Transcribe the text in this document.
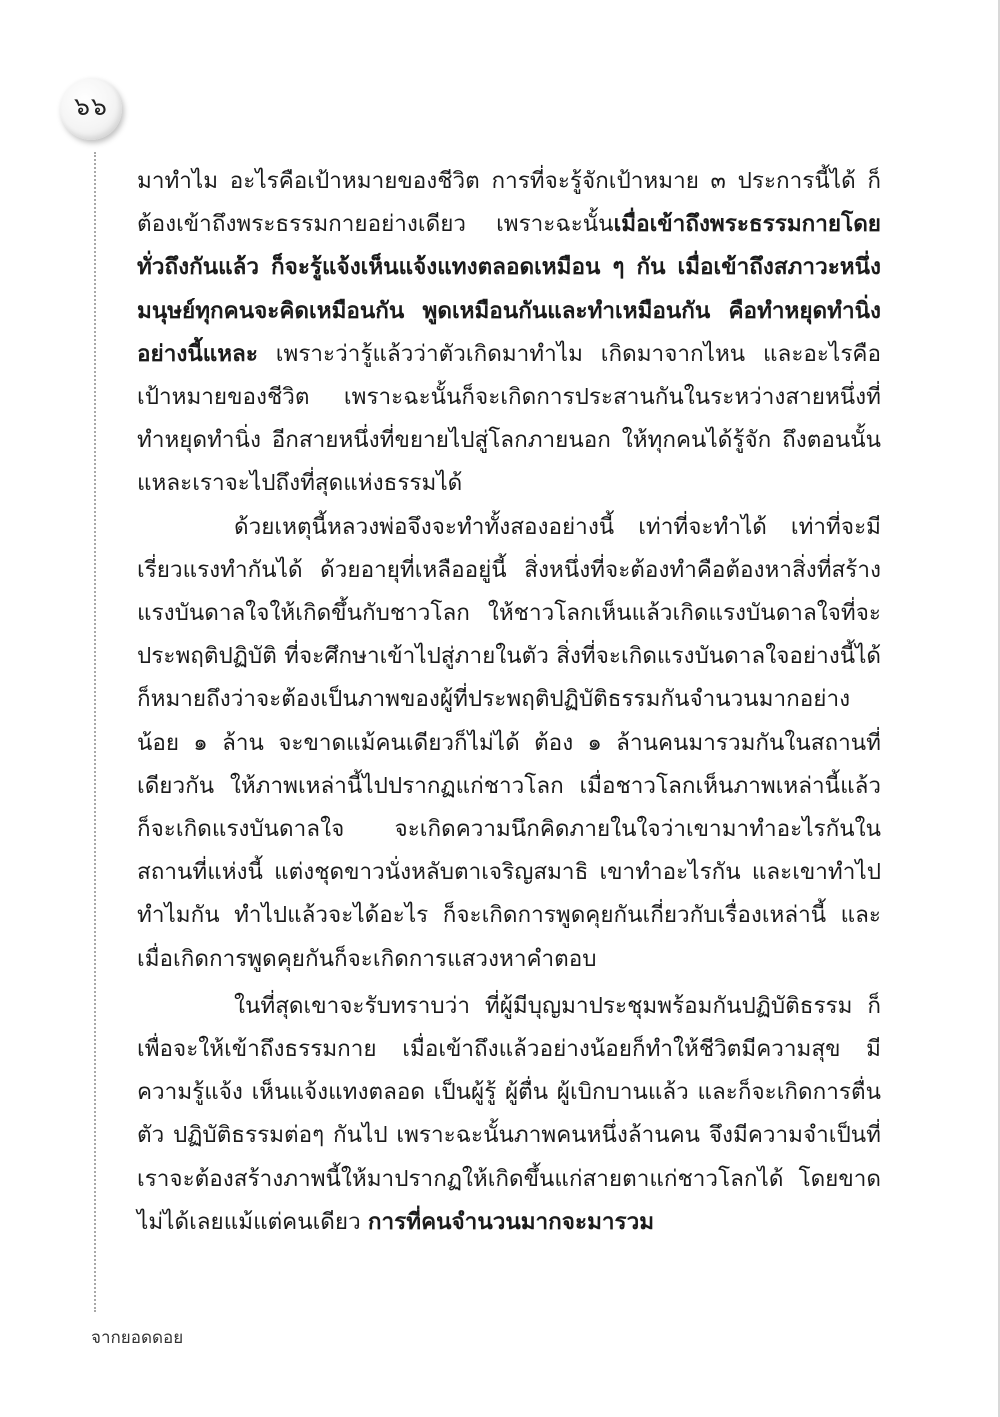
๖๖

มาทำไม อะไรคือเป้าหมายของชีวิต การที่จะรู้จักเป้าหมาย ๓ ประการนี้ได้ ก็ต้องเข้าถึงพระธรรมกายอย่างเดียว เพราะฉะนั้นเมื่อเข้าถึงพระธรรมกายโดยทั่วถึงกันแล้ว ก็จะรู้แจ้งเห็นแจ้งแทงตลอดเหมือน ๆ กัน เมื่อเข้าถึงสภาวะหนึ่ง มนุษย์ทุกคนจะคิดเหมือนกัน พูดเหมือนกันและทำเหมือนกัน คือทำหยุดทำนิ่ง อย่างนี้แหละ เพราะว่ารู้แล้วว่าตัวเกิดมาทำไม เกิดมาจากไหน และอะไรคือเป้าหมายของชีวิต เพราะฉะนั้นก็จะเกิดการประสานกันในระหว่างสายหนึ่งที่ทำหยุดทำนิ่ง อีกสายหนึ่งที่ขยายไปสู่โลกภายนอก ให้ทุกคนได้รู้จัก ถึงตอนนั้นแหละเราจะไปถึงที่สุดแห่งธรรมได้

ด้วยเหตุนี้หลวงพ่อจึงจะทำทั้งสองอย่างนี้ เท่าที่จะทำได้ เท่าที่จะมีเรี่ยวแรงทำกันได้ ด้วยอายุที่เหลืออยู่นี้ สิ่งหนึ่งที่จะต้องทำคือต้องหาสิ่งที่สร้างแรงบันดาลใจให้เกิดขึ้นกับชาวโลก ให้ชาวโลกเห็นแล้วเกิดแรงบันดาลใจที่จะประพฤติปฏิบัติ ที่จะศึกษาเข้าไปสู่ภายในตัว สิ่งที่จะเกิดแรงบันดาลใจอย่างนี้ได้ก็หมายถึงว่าจะต้องเป็นภาพของผู้ที่ประพฤติปฏิบัติธรรมกันจำนวนมากอย่างน้อย ๑ ล้าน จะขาดแม้คนเดียวก็ไม่ได้ ต้อง ๑ ล้านคนมารวมกันในสถานที่เดียวกัน ให้ภาพเหล่านี้ไปปรากฏแก่ชาวโลก เมื่อชาวโลกเห็นภาพเหล่านี้แล้ว ก็จะเกิดแรงบันดาลใจ จะเกิดความนึกคิดภายในใจว่าเขามาทำอะไรกันในสถานที่แห่งนี้ แต่งชุดขาวนั่งหลับตาเจริญสมาธิ เขาทำอะไรกัน และเขาทำไปทำไมกัน ทำไปแล้วจะได้อะไร ก็จะเกิดการพูดคุยกันเกี่ยวกับเรื่องเหล่านี้ และเมื่อเกิดการพูดคุยกันก็จะเกิดการแสวงหาคำตอบ

ในที่สุดเขาจะรับทราบว่า ที่ผู้มีบุญมาประชุมพร้อมกันปฏิบัติธรรม ก็เพื่อจะให้เข้าถึงธรรมกาย เมื่อเข้าถึงแล้วอย่างน้อยก็ทำให้ชีวิตมีความสุข มีความรู้แจ้ง เห็นแจ้งแทงตลอด เป็นผู้รู้ ผู้ตื่น ผู้เบิกบานแล้ว และก็จะเกิดการตื่นตัว ปฏิบัติธรรมต่อๆ กันไป เพราะฉะนั้นภาพคนหนึ่งล้านคน จึงมีความจำเป็นที่เราจะต้องสร้างภาพนี้ให้มาปรากฏให้เกิดขึ้นแก่สายตาแก่ชาวโลกได้ โดยขาดไม่ได้เลยแม้แต่คนเดียว การที่คนจำนวนมากจะมารวม

จากยอดดอย
